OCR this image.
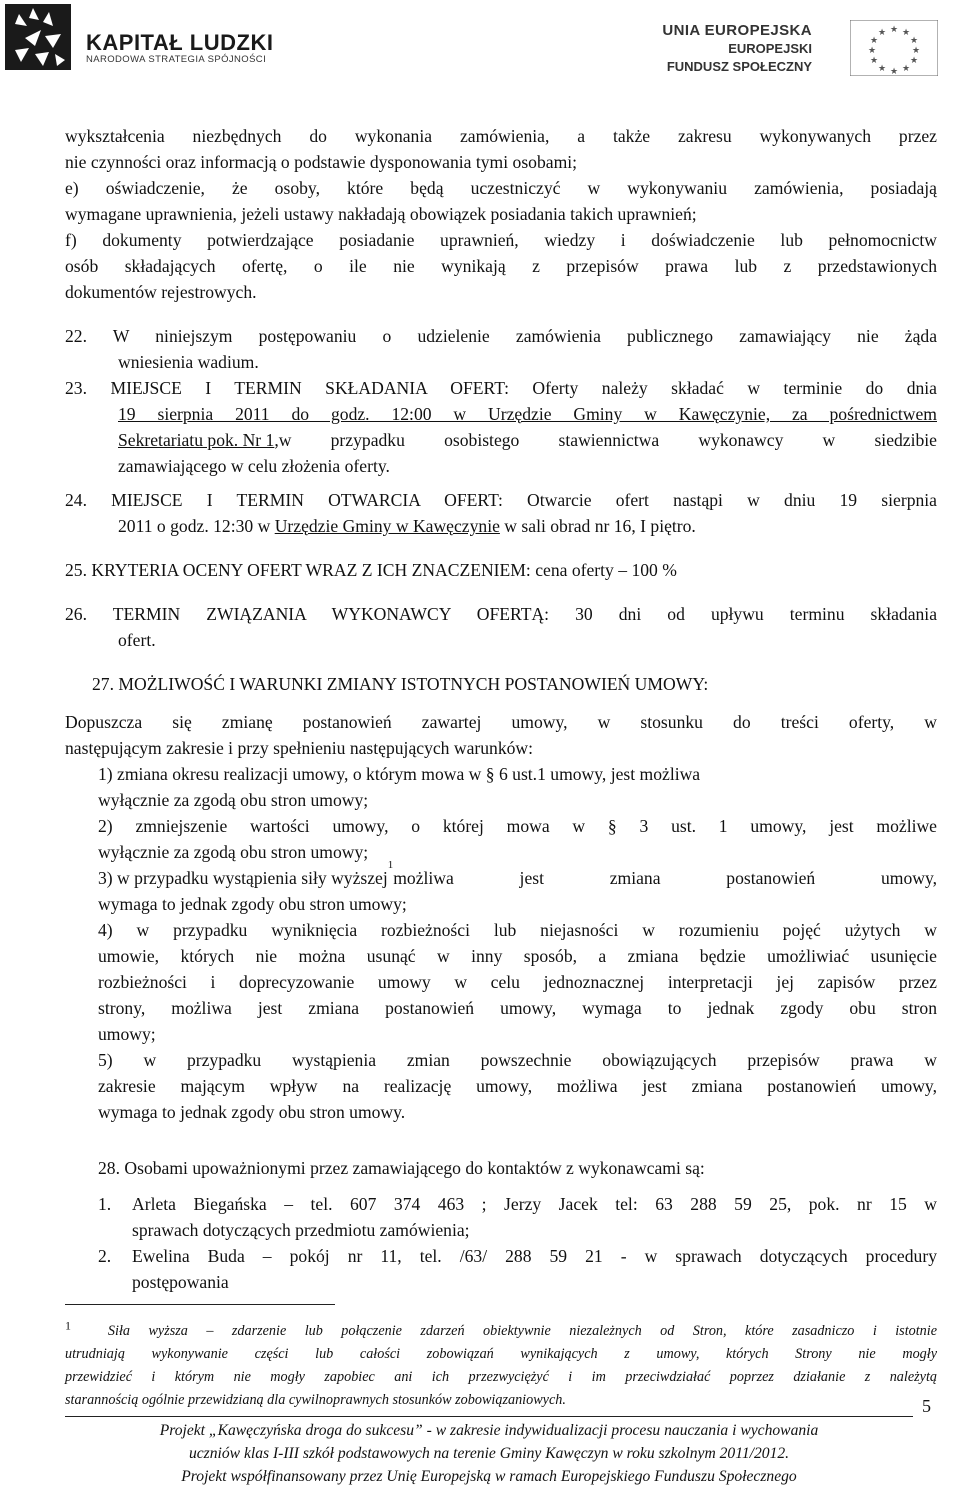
KAPITAŁ LUDZKI
NARODOWA STRATEGIA SPÓJNOŚCI
UNIA EUROPEJSKA
EUROPEJSKI
FUNDUSZ SPOŁECZNY
★ ★
★
★
★
★
★
★
★
★
★
★
wykształcenia niezbędnych do wykonania zamówienia, a także zakresu wykonywanych przez
nie czynności oraz informacją o podstawie dysponowania tymi osobami;
e) oświadczenie, że osoby, które będą uczestniczyć w wykonywaniu zamówienia, posiadają
wymagane uprawnienia, jeżeli ustawy nakładają obowiązek posiadania takich uprawnień;
f) dokumenty potwierdzające posiadanie uprawnień, wiedzy i doświadczenie lub pełnomocnictw
osób składających ofertę, o ile nie wynikają z przepisów prawa lub z przedstawionych
dokumentów rejestrowych.
22. W niniejszym postępowaniu o udzielenie zamówienia publicznego zamawiający nie żąda
wniesienia wadium.
23. MIEJSCE I TERMIN SKŁADANIA OFERT: Oferty należy składać w terminie do dnia
19 sierpnia 2011 do godz. 12:00 w Urzędzie Gminy w Kawęczynie, za pośrednictwem
Sekretariatu pok. Nr 1 ,w przypadku osobistego stawiennictwa wykonawcy w siedzibie
zamawiającego w celu złożenia oferty.
24. MIEJSCE I TERMIN OTWARCIA OFERT: Otwarcie ofert nastąpi w dniu 19 sierpnia
2011 o godz. 12:30 w Urzędzie Gminy w Kawęczynie w sali obrad nr 16, I piętro.
25. KRYTERIA OCENY OFERT WRAZ Z ICH ZNACZENIEM: cena oferty – 100 %
26. TERMIN ZWIĄZANIA WYKONAWCY OFERTĄ: 30 dni od upływu terminu składania
ofert.
27. MOŻLIWOŚĆ I WARUNKI ZMIANY ISTOTNYCH POSTANOWIEŃ UMOWY:
Dopuszcza się zmianę postanowień zawartej umowy, w stosunku do treści oferty, w
następującym zakresie i przy spełnieniu następujących warunków:
1) zmiana okresu realizacji umowy, o którym mowa w § 6 ust.1 umowy, jest możliwa
wyłącznie za zgodą obu stron umowy;
2) zmniejszenie wartości umowy, o której mowa w § 3 ust. 1 umowy, jest możliwe
wyłącznie za zgodą obu stron umowy;
3) w przypadku wystąpienia siły wyższej
1
możliwa jest zmiana postanowień umowy,
wymaga to jednak zgody obu stron umowy;
4) w przypadku wyniknięcia rozbieżności lub niejasności w rozumieniu pojęć użytych w
umowie, których nie można usunąć w inny sposób, a zmiana będzie umożliwiać usunięcie
rozbieżności i doprecyzowanie umowy w celu jednoznacznej interpretacji jej zapisów przez
strony, możliwa jest zmiana postanowień umowy, wymaga to jednak zgody obu stron
umowy;
5) w przypadku wystąpienia zmian powszechnie obowiązujących przepisów prawa w
zakresie mającym wpływ na realizację umowy, możliwa jest zmiana postanowień umowy,
wymaga to jednak zgody obu stron umowy.
28. Osobami upoważnionymi przez zamawiającego do kontaktów z wykonawcami są:
1. Arleta Biegańska – tel. 607 374 463 ; Jerzy Jacek tel: 63 288 59 25, pok. nr 15 w
sprawach dotyczących przedmiotu zamówienia;
2. Ewelina Buda – pokój nr 11, tel. /63/ 288 59 21 - w sprawach dotyczących procedury
postępowania
$^1$	Siła wyższa – zdarzenie lub połączenie zdarzeń obiektywnie niezależnych od Stron, które zasadniczo i istotnie
utrudniają wykonywanie części lub całości zobowiązań wynikających z umowy, których Strony nie mogły
przewidzieć i którym nie mogły zapobiec ani ich przezwyciężyć i im przeciwdziałać poprzez działanie z należytą
starannością ogólnie przewidzianą dla cywilnoprawnych stosunków zobowiązaniowych.	5
Projekt „Kawęczyńska droga do sukcesu” - w zakresie indywidualizacji procesu nauczania i wychowania
uczniów klas I-III szkół podstawowych na terenie Gminy Kawęczyn w roku szkolnym 2011/2012.
Projekt współfinansowany przez Unię Europejską w ramach Europejskiego Funduszu Społecznego
